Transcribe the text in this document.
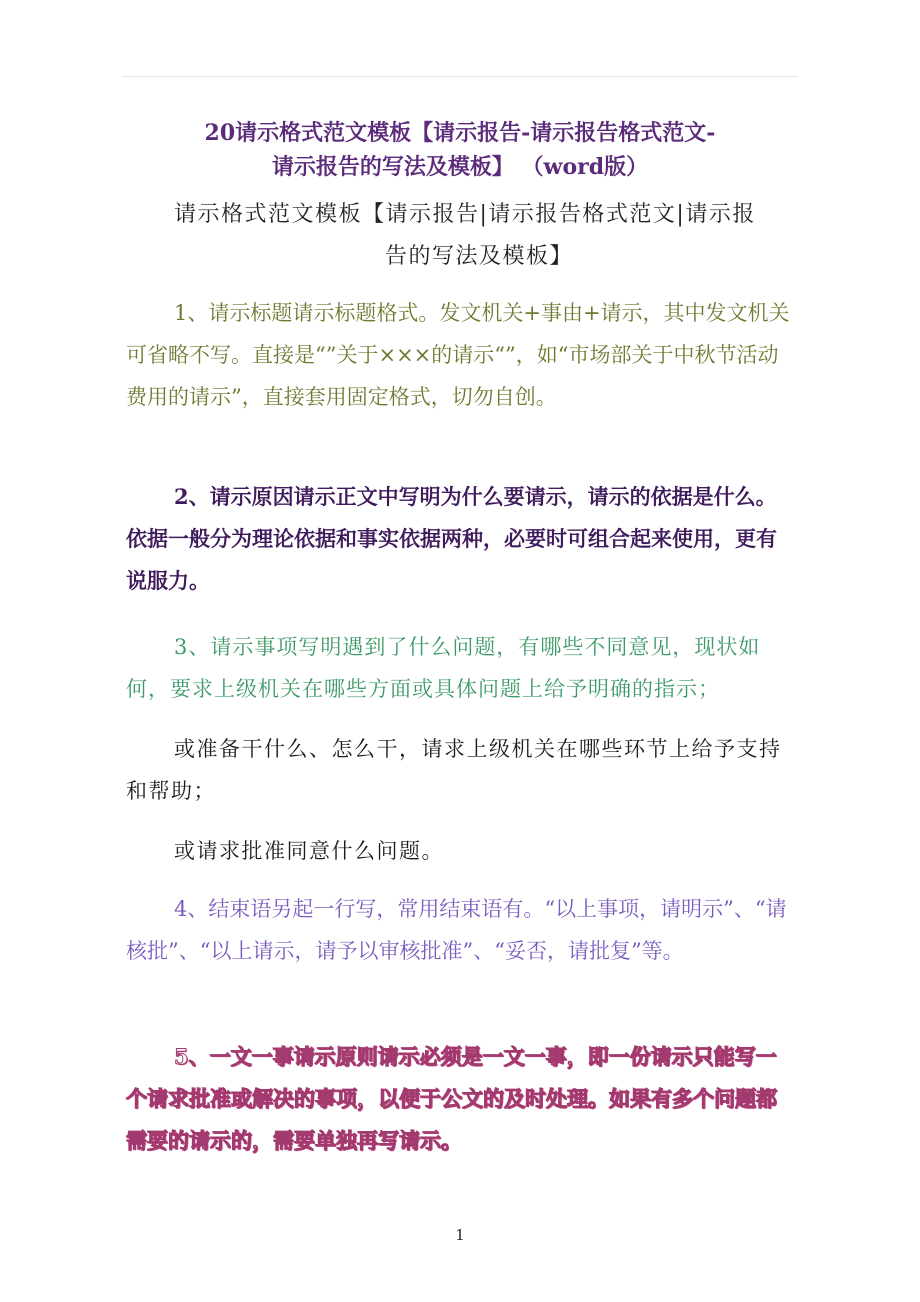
20请示格式范文模板【请示报告-请示报告格式范文-
请示报告的写法及模板】 （word版）
请示格式范文模板【请示报告|请示报告格式范文|请示报
告的写法及模板】
1、请示标题请示标题格式。发文机关+事由+请示，其中发文机关可省略不写。直接是“”关于×××的请示“”，如“市场部关于中秋节活动费用的请示”，直接套用固定格式，切勿自创。
2、请示原因请示正文中写明为什么要请示，请示的依据是什么。依据一般分为理论依据和事实依据两种，必要时可组合起来使用，更有说服力。
3、请示事项写明遇到了什么问题，有哪些不同意见，现状如何，要求上级机关在哪些方面或具体问题上给予明确的指示；
或准备干什么、怎么干，请求上级机关在哪些环节上给予支持和帮助；
或请求批准同意什么问题。
4、结束语另起一行写，常用结束语有。“以上事项，请明示”、“请核批”、“以上请示，请予以审核批准”、“妥否，请批复”等。
5、一文一事请示原则请示必须是一文一事，即一份请示只能写一个请求批准或解决的事项，以便于公文的及时处理。如果有多个问题都需要的请示的，需要单独再写请示。
1
